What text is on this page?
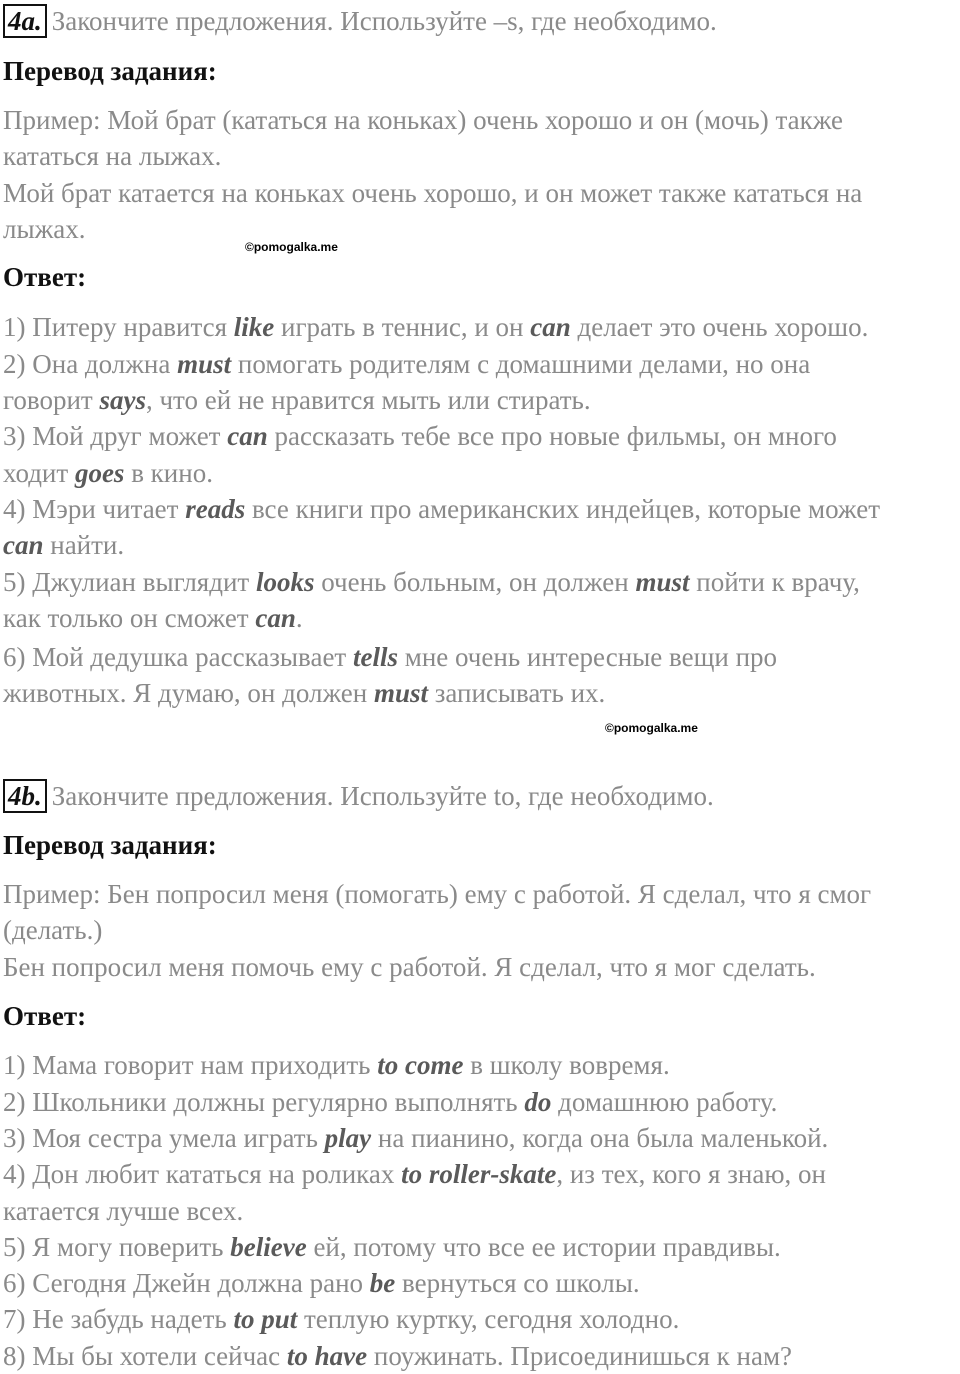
4a. Закончите предложения. Используйте –s, где необходимо.
Перевод задания:
Пример: Мой брат (кататься на коньках) очень хорошо и он (мочь) также
кататься на лыжах.
Мой брат катается на коньках очень хорошо, и он может также кататься на
лыжах.
©pomogalka.me
Ответ:
1) Питеру нравится like играть в теннис, и он can делает это очень хорошо.
2) Она должна must помогать родителям с домашними делами, но она
говорит says, что ей не нравится мыть или стирать.
3) Мой друг может can рассказать тебе все про новые фильмы, он много
ходит goes в кино.
4) Мэри читает reads все книги про американских индейцев, которые может
can найти.
5) Джулиан выглядит looks очень больным, он должен must пойти к врачу,
как только он сможет can.
6) Мой дедушка рассказывает tells мне очень интересные вещи про
животных. Я думаю, он должен must записывать их.
©pomogalka.me
4b. Закончите предложения. Используйте to, где необходимо.
Перевод задания:
Пример: Бен попросил меня (помогать) ему с работой. Я сделал, что я смог
(делать.)
Бен попросил меня помочь ему с работой. Я сделал, что я мог сделать.
Ответ:
1) Мама говорит нам приходить to come в школу вовремя.
2) Школьники должны регулярно выполнять do домашнюю работу.
3) Моя сестра умела играть play на пианино, когда она была маленькой.
4) Дон любит кататься на роликах to roller-skate, из тех, кого я знаю, он
катается лучше всех.
5) Я могу поверить believe ей, потому что все ее истории правдивы.
6) Сегодня Джейн должна рано be вернуться со школы.
7) Не забудь надеть to put теплую куртку, сегодня холодно.
8) Мы бы хотели сейчас to have поужинать. Присоединишься к нам?
